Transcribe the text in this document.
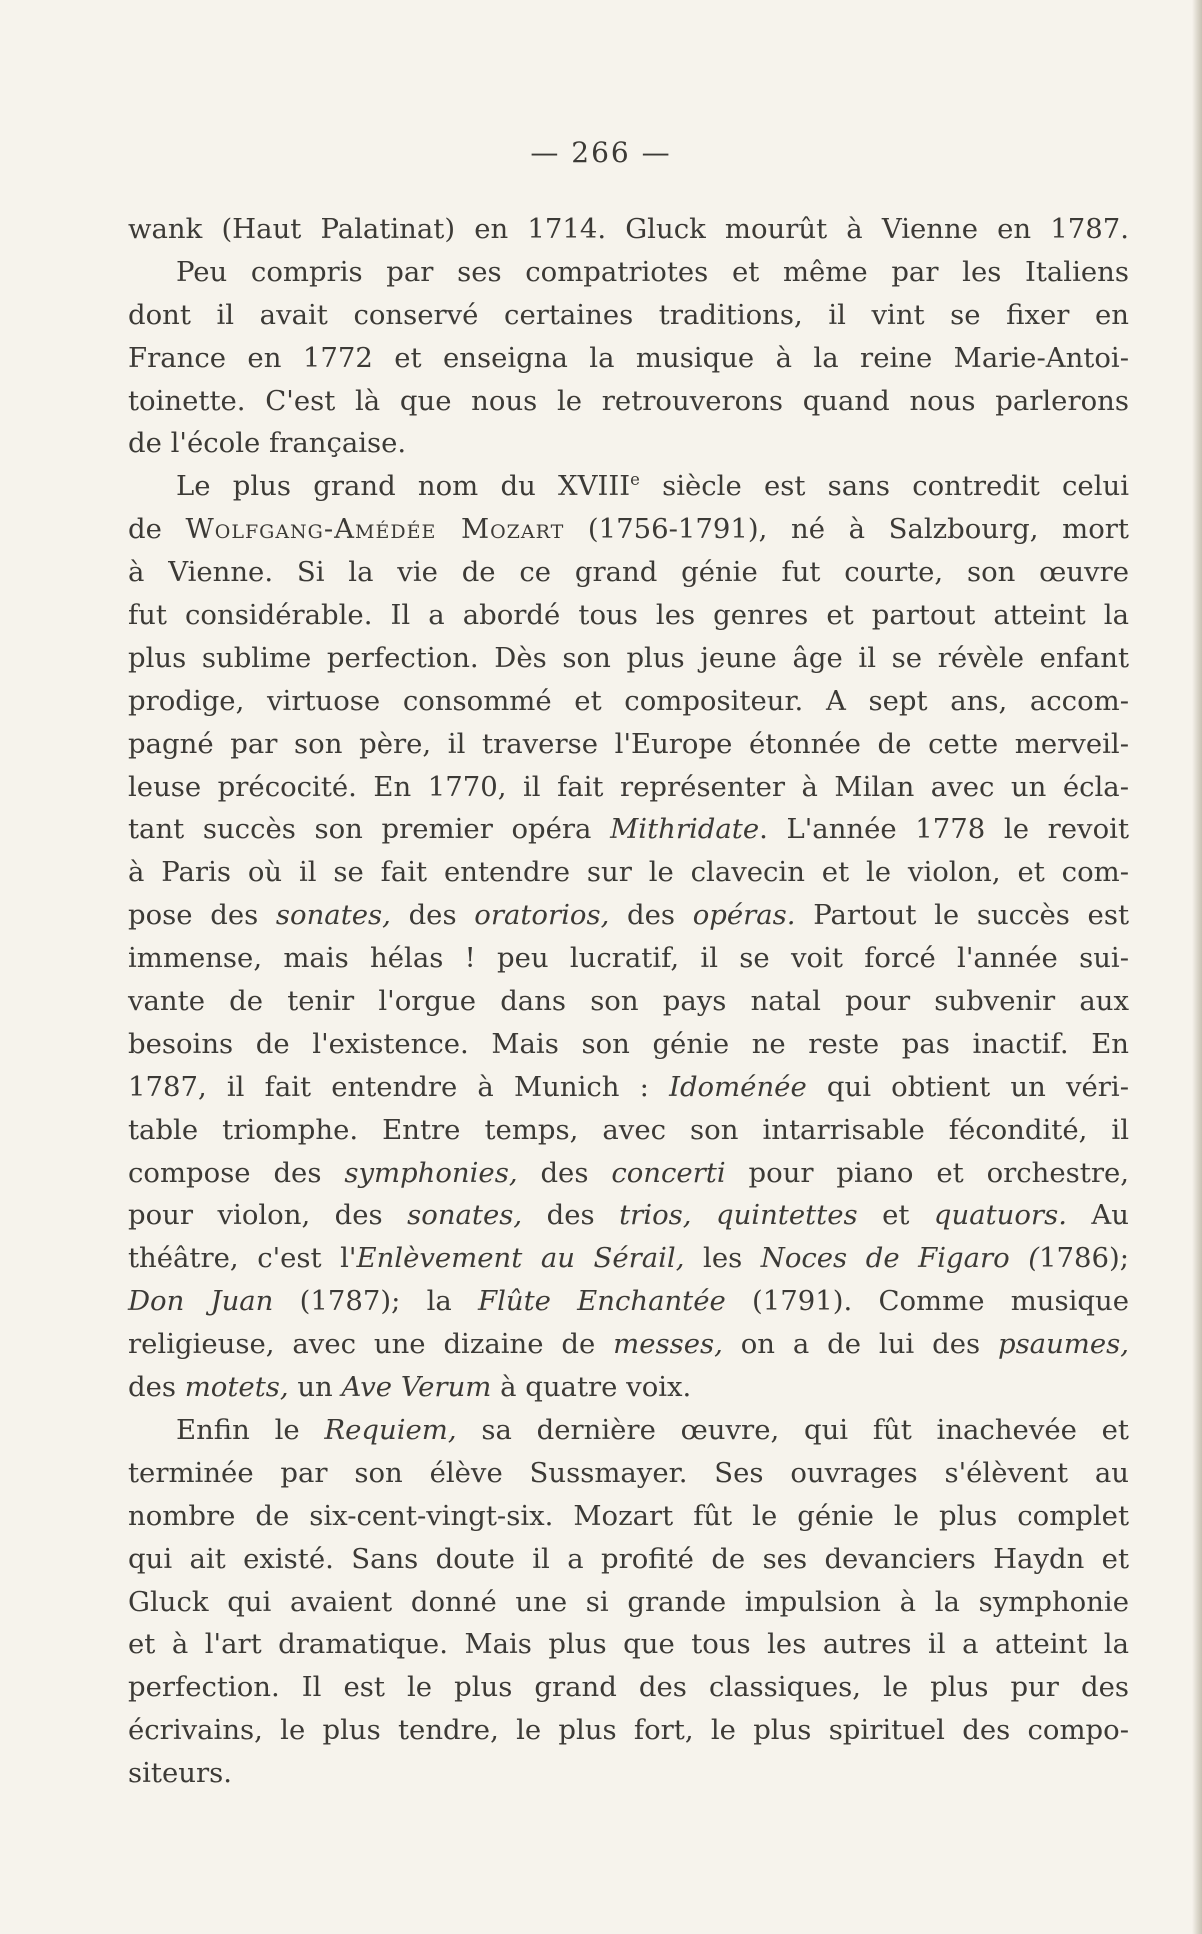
— 266 —
wank (Haut Palatinat) en 1714. Gluck mourût à Vienne en 1787.
Peu compris par ses compatriotes et même par les Italiens
dont il avait conservé certaines traditions, il vint se fixer en
France en 1772 et enseigna la musique à la reine Marie-Antoi-
toinette. C'est là que nous le retrouverons quand nous parlerons
de l'école française.
Le plus grand nom du XVIIIe siècle est sans contredit celui
de Wolfgang-Amédée Mozart (1756-1791), né à Salzbourg, mort
à Vienne. Si la vie de ce grand génie fut courte, son œuvre
fut considérable. Il a abordé tous les genres et partout atteint la
plus sublime perfection. Dès son plus jeune âge il se révèle enfant
prodige, virtuose consommé et compositeur. A sept ans, accom-
pagné par son père, il traverse l'Europe étonnée de cette merveil-
leuse précocité. En 1770, il fait représenter à Milan avec un écla-
tant succès son premier opéra Mithridate. L'année 1778 le revoit
à Paris où il se fait entendre sur le clavecin et le violon, et com-
pose des sonates, des oratorios, des opéras. Partout le succès est
immense, mais hélas ! peu lucratif, il se voit forcé l'année sui-
vante de tenir l'orgue dans son pays natal pour subvenir aux
besoins de l'existence. Mais son génie ne reste pas inactif. En
1787, il fait entendre à Munich : Idoménée qui obtient un véri-
table triomphe. Entre temps, avec son intarrisable fécondité, il
compose des symphonies, des concerti pour piano et orchestre,
pour violon, des sonates, des trios, quintettes et quatuors. Au
théâtre, c'est l'Enlèvement au Sérail, les Noces de Figaro (1786);
Don Juan (1787); la Flûte Enchantée (1791). Comme musique
religieuse, avec une dizaine de messes, on a de lui des psaumes,
des motets, un Ave Verum à quatre voix.
Enfin le Requiem, sa dernière œuvre, qui fût inachevée et
terminée par son élève Sussmayer. Ses ouvrages s'élèvent au
nombre de six-cent-vingt-six. Mozart fût le génie le plus complet
qui ait existé. Sans doute il a profité de ses devanciers Haydn et
Gluck qui avaient donné une si grande impulsion à la symphonie
et à l'art dramatique. Mais plus que tous les autres il a atteint la
perfection. Il est le plus grand des classiques, le plus pur des
écrivains, le plus tendre, le plus fort, le plus spirituel des compo-
siteurs.
